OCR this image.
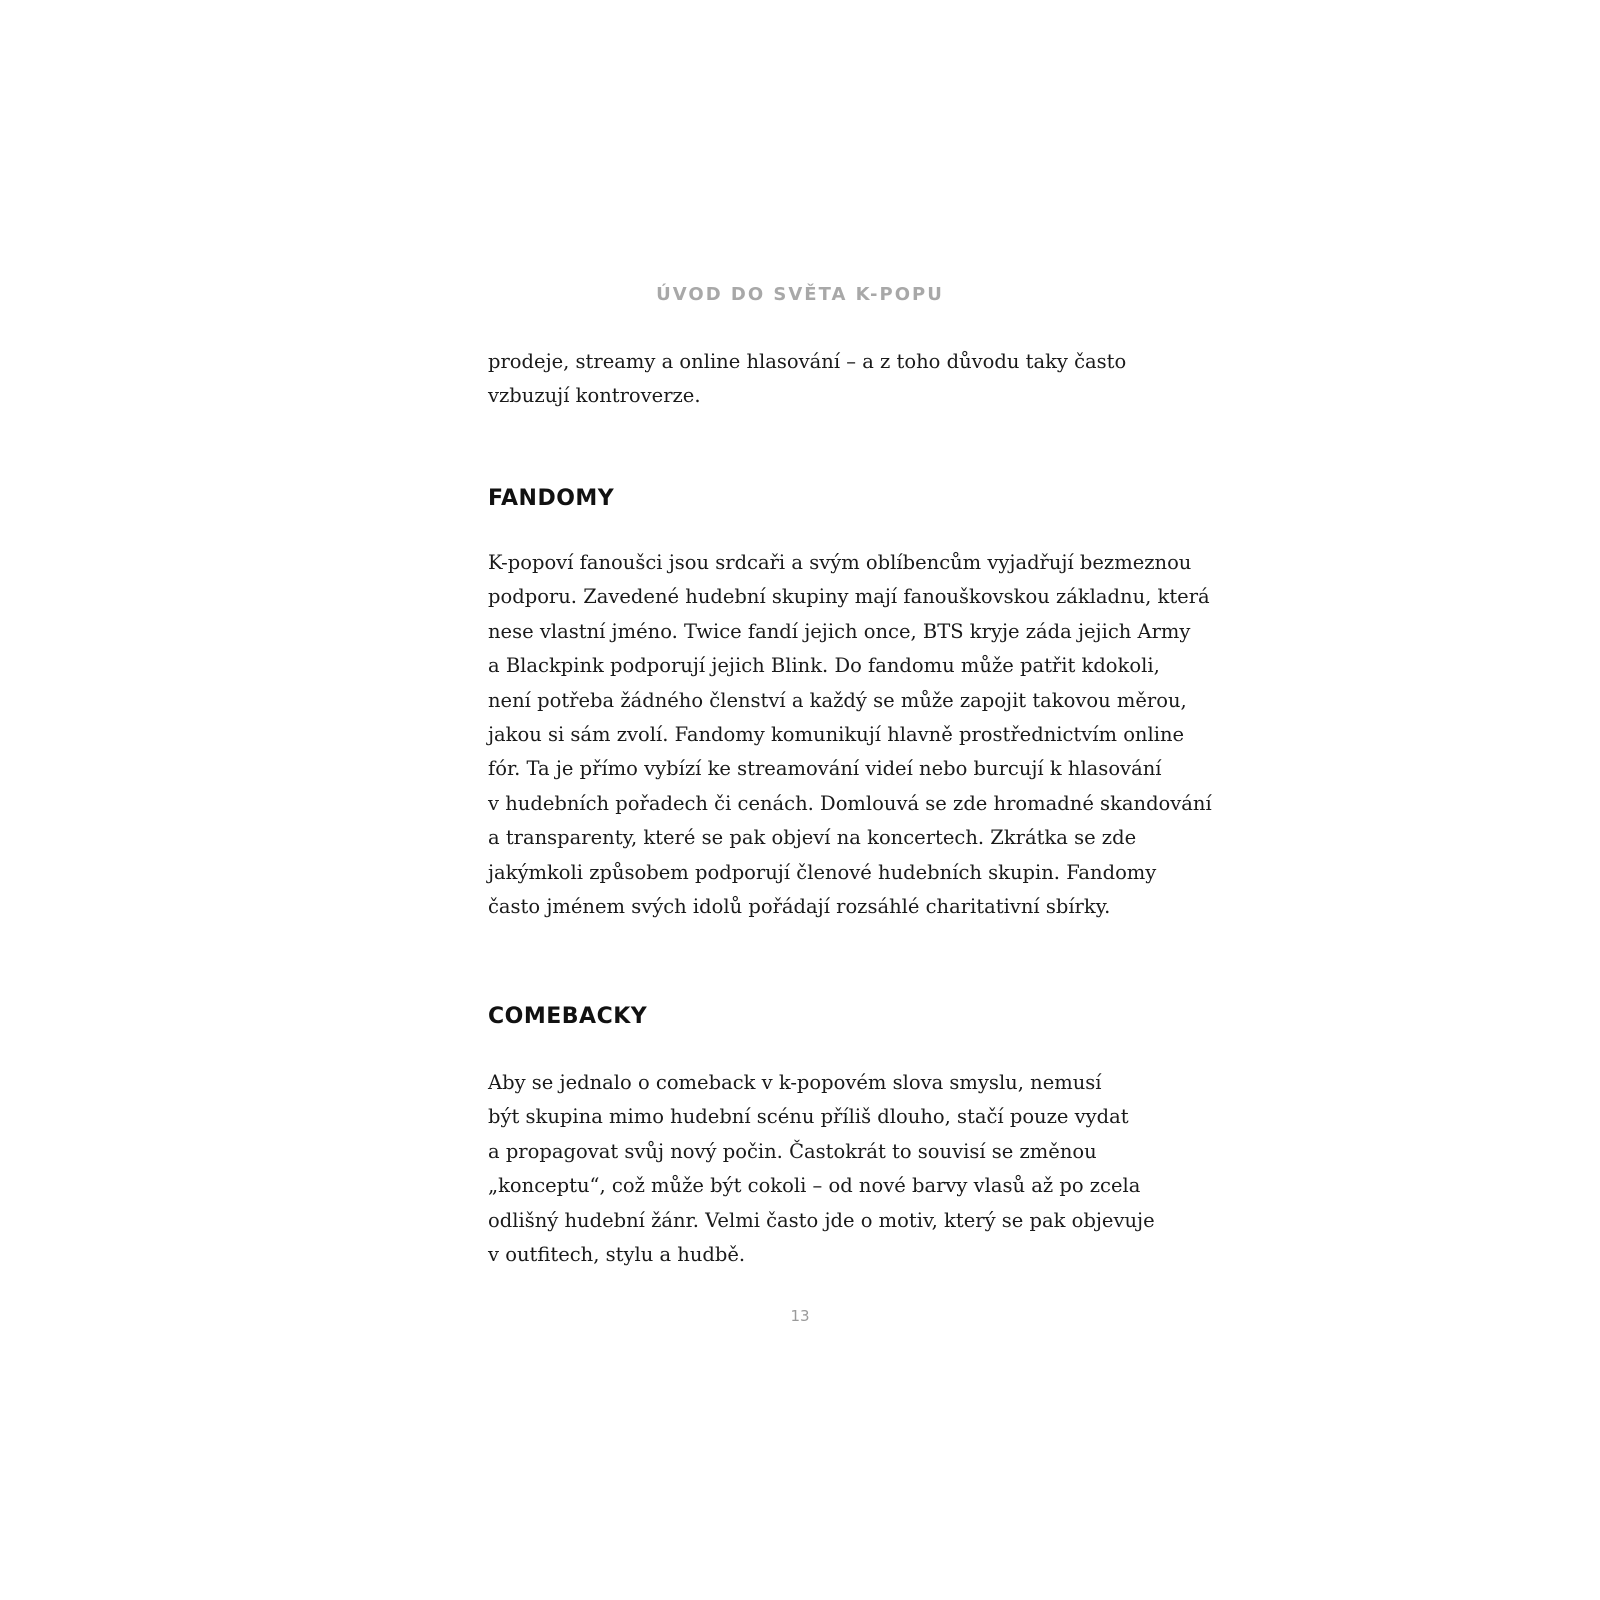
ÚVOD DO SVĚTA K-POPU

prodeje, streamy a online hlasování – a z toho důvodu taky často
vzbuzují kontroverze.

FANDOMY

K-popoví fanoušci jsou srdcaři a svým oblíbencům vyjadřují bezmeznou
podporu. Zavedené hudební skupiny mají fanouškovskou základnu, která
nese vlastní jméno. Twice fandí jejich once, BTS kryje záda jejich Army
a Blackpink podporují jejich Blink. Do fandomu může patřit kdokoli,
není potřeba žádného členství a každý se může zapojit takovou měrou,
jakou si sám zvolí. Fandomy komunikují hlavně prostřednictvím online
fór. Ta je přímo vybízí ke streamování videí nebo burcují k hlasování
v hudebních pořadech či cenách. Domlouvá se zde hromadné skandování
a transparenty, které se pak objeví na koncertech. Zkrátka se zde
jakýmkoli způsobem podporují členové hudebních skupin. Fandomy
často jménem svých idolů pořádají rozsáhlé charitativní sbírky.

COMEBACKY

Aby se jednalo o comeback v k-popovém slova smyslu, nemusí
být skupina mimo hudební scénu příliš dlouho, stačí pouze vydat
a propagovat svůj nový počin. Častokrát to souvisí se změnou
„konceptu“, což může být cokoli – od nové barvy vlasů až po zcela
odlišný hudební žánr. Velmi často jde o motiv, který se pak objevuje
v outfitech, stylu a hudbě.

13
